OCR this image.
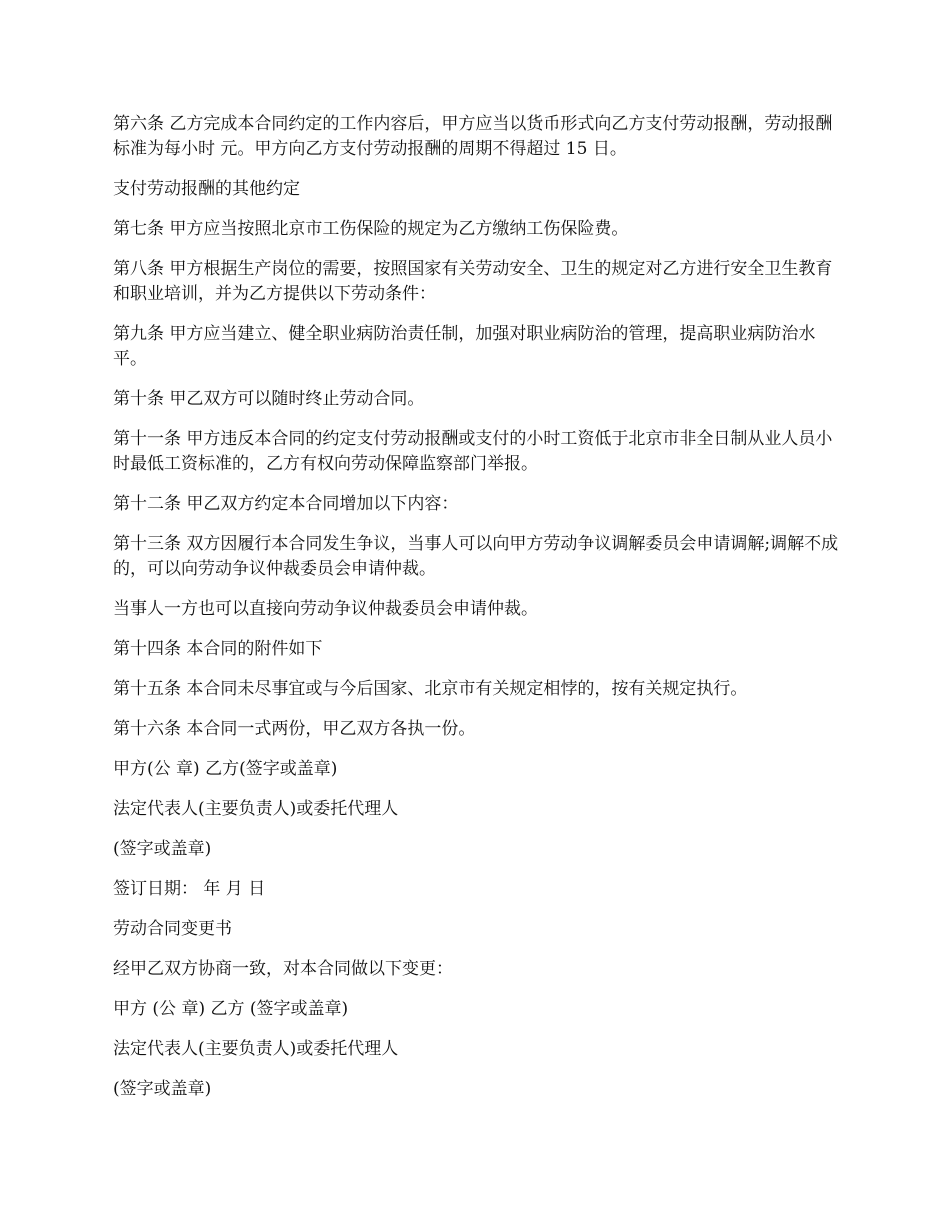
第六条 乙方完成本合同约定的工作内容后，甲方应当以货币形式向乙方支付劳动报酬，劳动报酬标准为每小时 元。甲方向乙方支付劳动报酬的周期不得超过 15 日。

支付劳动报酬的其他约定

第七条 甲方应当按照北京市工伤保险的规定为乙方缴纳工伤保险费。

第八条 甲方根据生产岗位的需要，按照国家有关劳动安全、卫生的规定对乙方进行安全卫生教育和职业培训，并为乙方提供以下劳动条件：

第九条 甲方应当建立、健全职业病防治责任制，加强对职业病防治的管理，提高职业病防治水平。

第十条 甲乙双方可以随时终止劳动合同。

第十一条 甲方违反本合同的约定支付劳动报酬或支付的小时工资低于北京市非全日制从业人员小时最低工资标准的，乙方有权向劳动保障监察部门举报。

第十二条 甲乙双方约定本合同增加以下内容：

第十三条 双方因履行本合同发生争议，当事人可以向甲方劳动争议调解委员会申请调解;调解不成的，可以向劳动争议仲裁委员会申请仲裁。

当事人一方也可以直接向劳动争议仲裁委员会申请仲裁。

第十四条 本合同的附件如下

第十五条 本合同未尽事宜或与今后国家、北京市有关规定相悖的，按有关规定执行。

第十六条 本合同一式两份，甲乙双方各执一份。

甲方(公 章) 乙方(签字或盖章)

法定代表人(主要负责人)或委托代理人

(签字或盖章)

签订日期： 年 月 日

劳动合同变更书

经甲乙双方协商一致，对本合同做以下变更：

甲方 (公 章) 乙方 (签字或盖章)

法定代表人(主要负责人)或委托代理人

(签字或盖章)
